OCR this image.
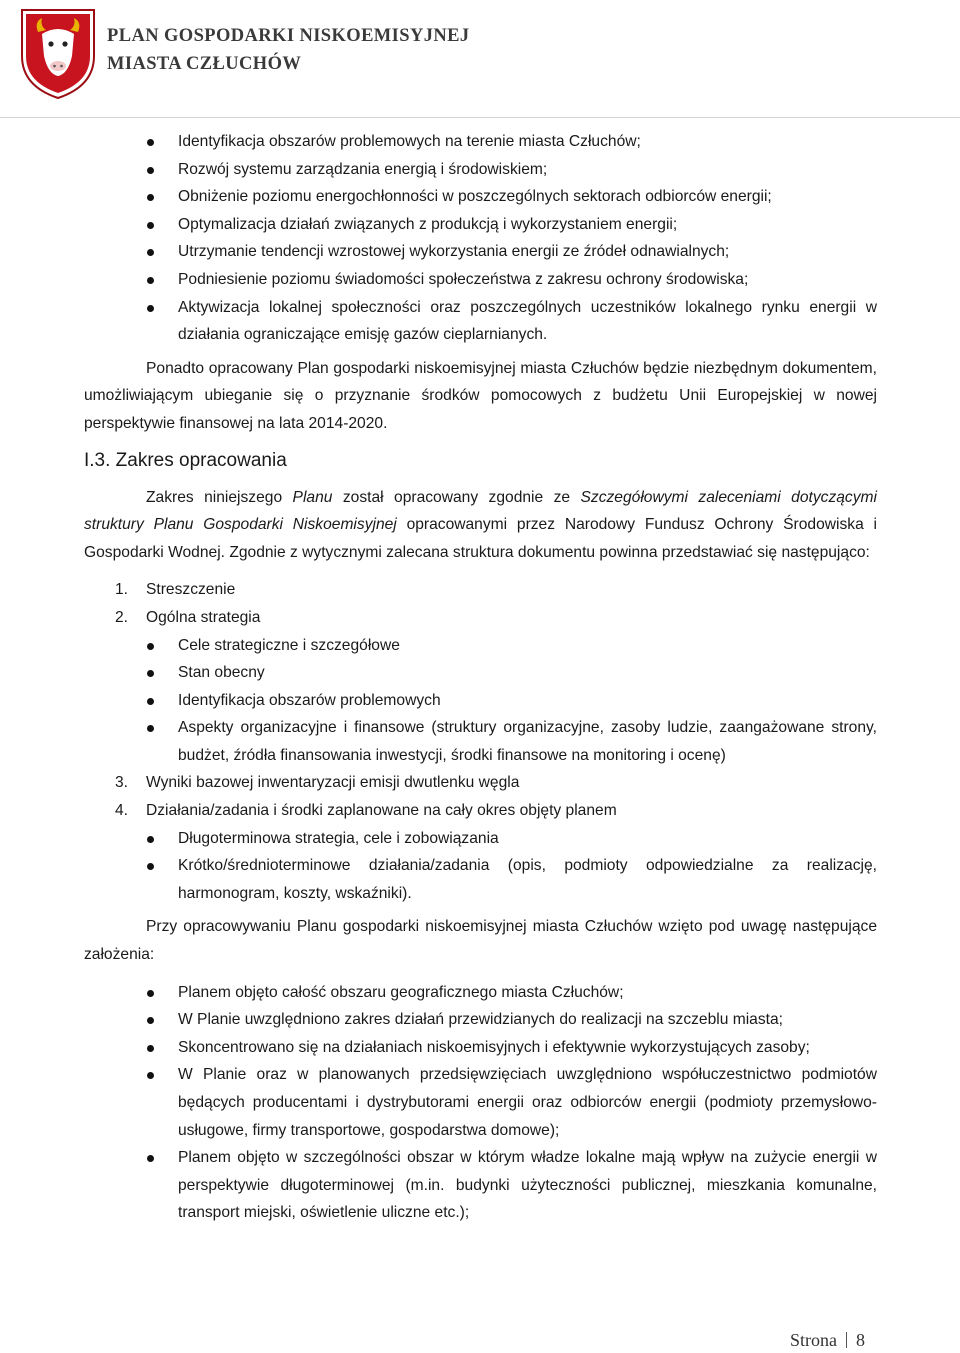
PLAN GOSPODARKI NISKOEMISYJNEJ
MIASTA CZŁUCHÓW
Identyfikacja obszarów problemowych na terenie miasta Człuchów;
Rozwój systemu zarządzania energią i środowiskiem;
Obniżenie poziomu energochłonności w poszczególnych sektorach odbiorców energii;
Optymalizacja działań związanych z produkcją i wykorzystaniem energii;
Utrzymanie tendencji wzrostowej wykorzystania energii ze źródeł odnawialnych;
Podniesienie poziomu świadomości społeczeństwa z zakresu ochrony środowiska;
Aktywizacja lokalnej społeczności oraz poszczególnych uczestników lokalnego rynku energii w działania ograniczające emisję gazów cieplarnianych.

Ponadto opracowany Plan gospodarki niskoemisyjnej miasta Człuchów będzie niezbędnym dokumentem, umożliwiającym ubieganie się o przyznanie środków pomocowych z budżetu Unii Europejskiej w nowej perspektywie finansowej na lata 2014-2020.

I.3. Zakres opracowania

Zakres niniejszego Planu został opracowany zgodnie ze Szczegółowymi zaleceniami dotyczącymi struktury Planu Gospodarki Niskoemisyjnej opracowanymi przez Narodowy Fundusz Ochrony Środowiska i Gospodarki Wodnej. Zgodnie z wytycznymi zalecana struktura dokumentu powinna przedstawiać się następująco:

1. Streszczenie
2. Ogólna strategia
Cele strategiczne i szczegółowe
Stan obecny
Identyfikacja obszarów problemowych
Aspekty organizacyjne i finansowe (struktury organizacyjne, zasoby ludzie, zaangażowane strony, budżet, źródła finansowania inwestycji, środki finansowe na monitoring i ocenę)
3. Wyniki bazowej inwentaryzacji emisji dwutlenku węgla
4. Działania/zadania i środki zaplanowane na cały okres objęty planem
Długoterminowa strategia, cele i zobowiązania
Krótko/średnioterminowe działania/zadania (opis, podmioty odpowiedzialne za realizację, harmonogram, koszty, wskaźniki).

Przy opracowywaniu Planu gospodarki niskoemisyjnej miasta Człuchów wzięto pod uwagę następujące założenia:

Planem objęto całość obszaru geograficznego miasta Człuchów;
W Planie uwzględniono zakres działań przewidzianych do realizacji na szczeblu miasta;
Skoncentrowano się na działaniach niskoemisyjnych i efektywnie wykorzystujących zasoby;
W Planie oraz w planowanych przedsięwzięciach uwzględniono współuczestnictwo podmiotów będących producentami i dystrybutorami energii oraz odbiorców energii (podmioty przemysłowo-usługowe, firmy transportowe, gospodarstwa domowe);
Planem objęto w szczególności obszar w którym władze lokalne mają wpływ na zużycie energii w perspektywie długoterminowej (m.in. budynki użyteczności publicznej, mieszkania komunalne, transport miejski, oświetlenie uliczne etc.);
Strona 8
